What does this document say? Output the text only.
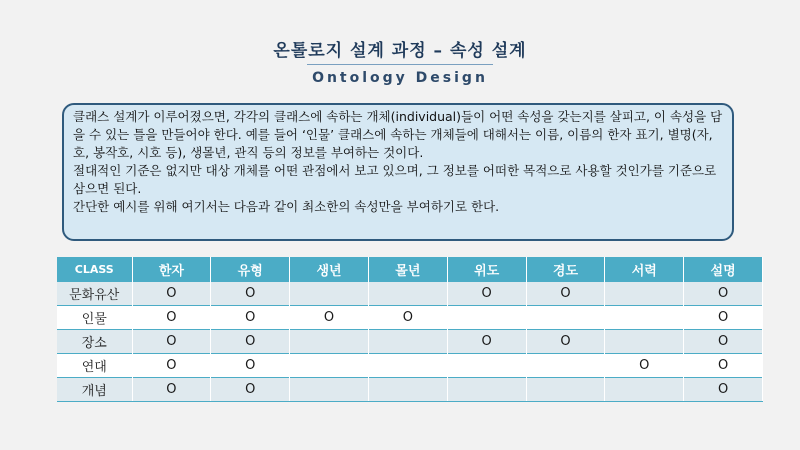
온톨로지 설계 과정 – 속성 설계
Ontology Design

클래스 설계가 이루어졌으면, 각각의 클래스에 속하는 개체(individual)들이 어떤 속성을 갖는지를 살피고, 이 속성을 담을 수 있는 틀을 만들어야 한다. 예를 들어 ‘인물’ 클래스에 속하는 개체들에 대해서는 이름, 이름의 한자 표기, 별명(자, 호, 봉작호, 시호 등), 생몰년, 관직 등의 정보를 부여하는 것이다.

절대적인 기준은 없지만 대상 개체를 어떤 관점에서 보고 있으며, 그 정보를 어떠한 목적으로 사용할 것인가를 기준으로 삼으면 된다.

간단한 예시를 위해 여기서는 다음과 같이 최소한의 속성만을 부여하기로 한다.

CLASS	한자	유형	생년	몰년	위도	경도	서력	설명
문화유산	O	O			O	O		O
인물	O	O	O	O				O
장소	O	O			O	O		O
연대	O	O					O	O
개념	O	O						O
